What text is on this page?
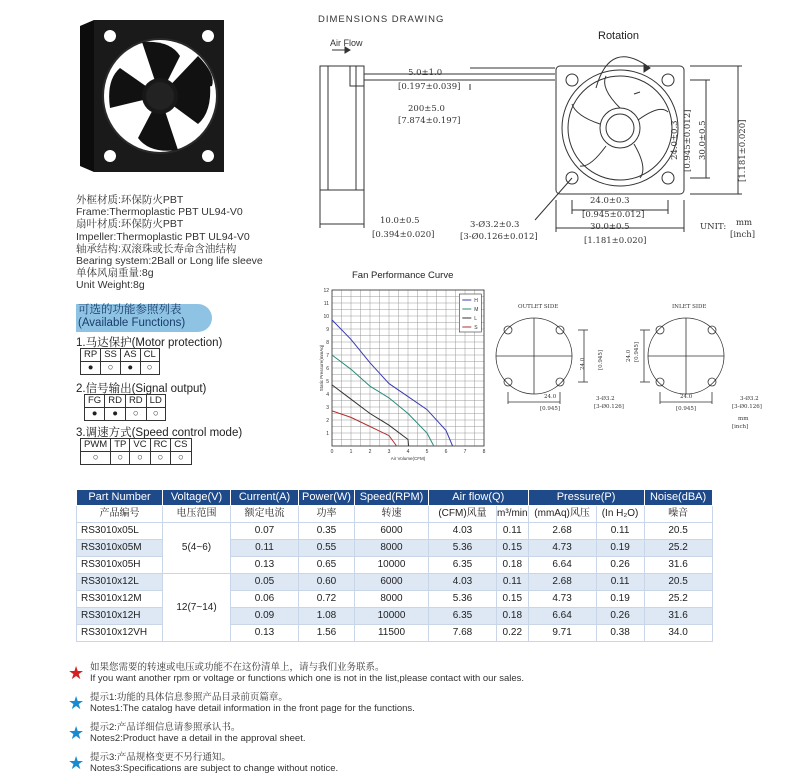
外框材质:环保防火PBT
Frame:Thermoplastic PBT UL94-V0
扇叶材质:环保防火PBT
Impeller:Thermoplastic PBT UL94-V0
轴承结构:双滚珠或长寿命含油结构
Bearing system:2Ball or Long life sleeve
单体风扇重量:8g
Unit Weight:8g
可选的功能参照列表
(Available Functions)
1.马达保护(Motor protection)
RP	SS	AS	CL
●	○	●	○
2.信号输出(Signal output)
FG	RD	$\overline{RD}$	LD
●	●	○	○
3.调速方式(Speed control mode)
PWM	TP	VC	RC	CS
○	○	○	○	○
DIMENSIONS DRAWING
Air Flow
Rotation
5.0±1.0
[0.197±0.039]
200±5.0
[7.874±0.197]
10.0±0.5
[0.394±0.020]
3-Ø3.2±0.3
[3-Ø0.126±0.012]
24.0±0.3
[0.945±0.012]
30.0±0.5
[1.181±0.020]
24.0±0.3 [0.945±0.012] 30.0±0.5	[1.181±0.020]
UNIT: mm
[inch]
Fan Performance Curve
1
2
3
4
5
6
7
8
9
10
11
12
0	1	2	3	4	5	6	7	8
H
M
L
S
Air Volume(CFM)
Static Pressure(mmAq)
OUTLET SIDE
24.0
[0.945]
24.0 [0.945]
3-Ø3.2
[3-Ø0.126]
INLET SIDE
24.0
[0.945]
24.0 [0.945]
3-Ø3.2
[3-Ø0.126]
mm
[inch]
Part Number	Voltage(V)	Current(A)	Power(W)	Speed(RPM)	Air flow(Q)		Pressure(P)		Noise(dBA)
产品编号	电压范围	额定电流	功率	转速	(CFM)风量	m³/min	(mmAq)风压	(In H₂O)	噪音
RS3010x05L	5(4~6)	0.07	0.35	6000	4.03	0.11	2.68	0.11	20.5
RS3010x05M		0.11	0.55	8000	5.36	0.15	4.73	0.19	25.2
RS3010x05H		0.13	0.65	10000	6.35	0.18	6.64	0.26	31.6
RS3010x12L	12(7~14)	0.05	0.60	6000	4.03	0.11	2.68	0.11	20.5
RS3010x12M		0.06	0.72	8000	5.36	0.15	4.73	0.19	25.2
RS3010x12H		0.09	1.08	10000	6.35	0.18	6.64	0.26	31.6
RS3010x12VH		0.13	1.56	11500	7.68	0.22	9.71	0.38	34.0
★ 如果您需要的转速或电压或功能不在这份清单上，请与我们业务联系。
If you want another rpm or voltage or functions which one is not in the list,please contact with our sales.
★ 提示1:功能的具体信息参照产品目录前页篇章。
Notes1:The catalog have detail information in the front page for the functions.
★ 提示2:产品详细信息请参照承认书。
Notes2:Product have a detail in the approval sheet.
★ 提示3:产品规格变更不另行通知。
Notes3:Specifications are subject to change without notice.
